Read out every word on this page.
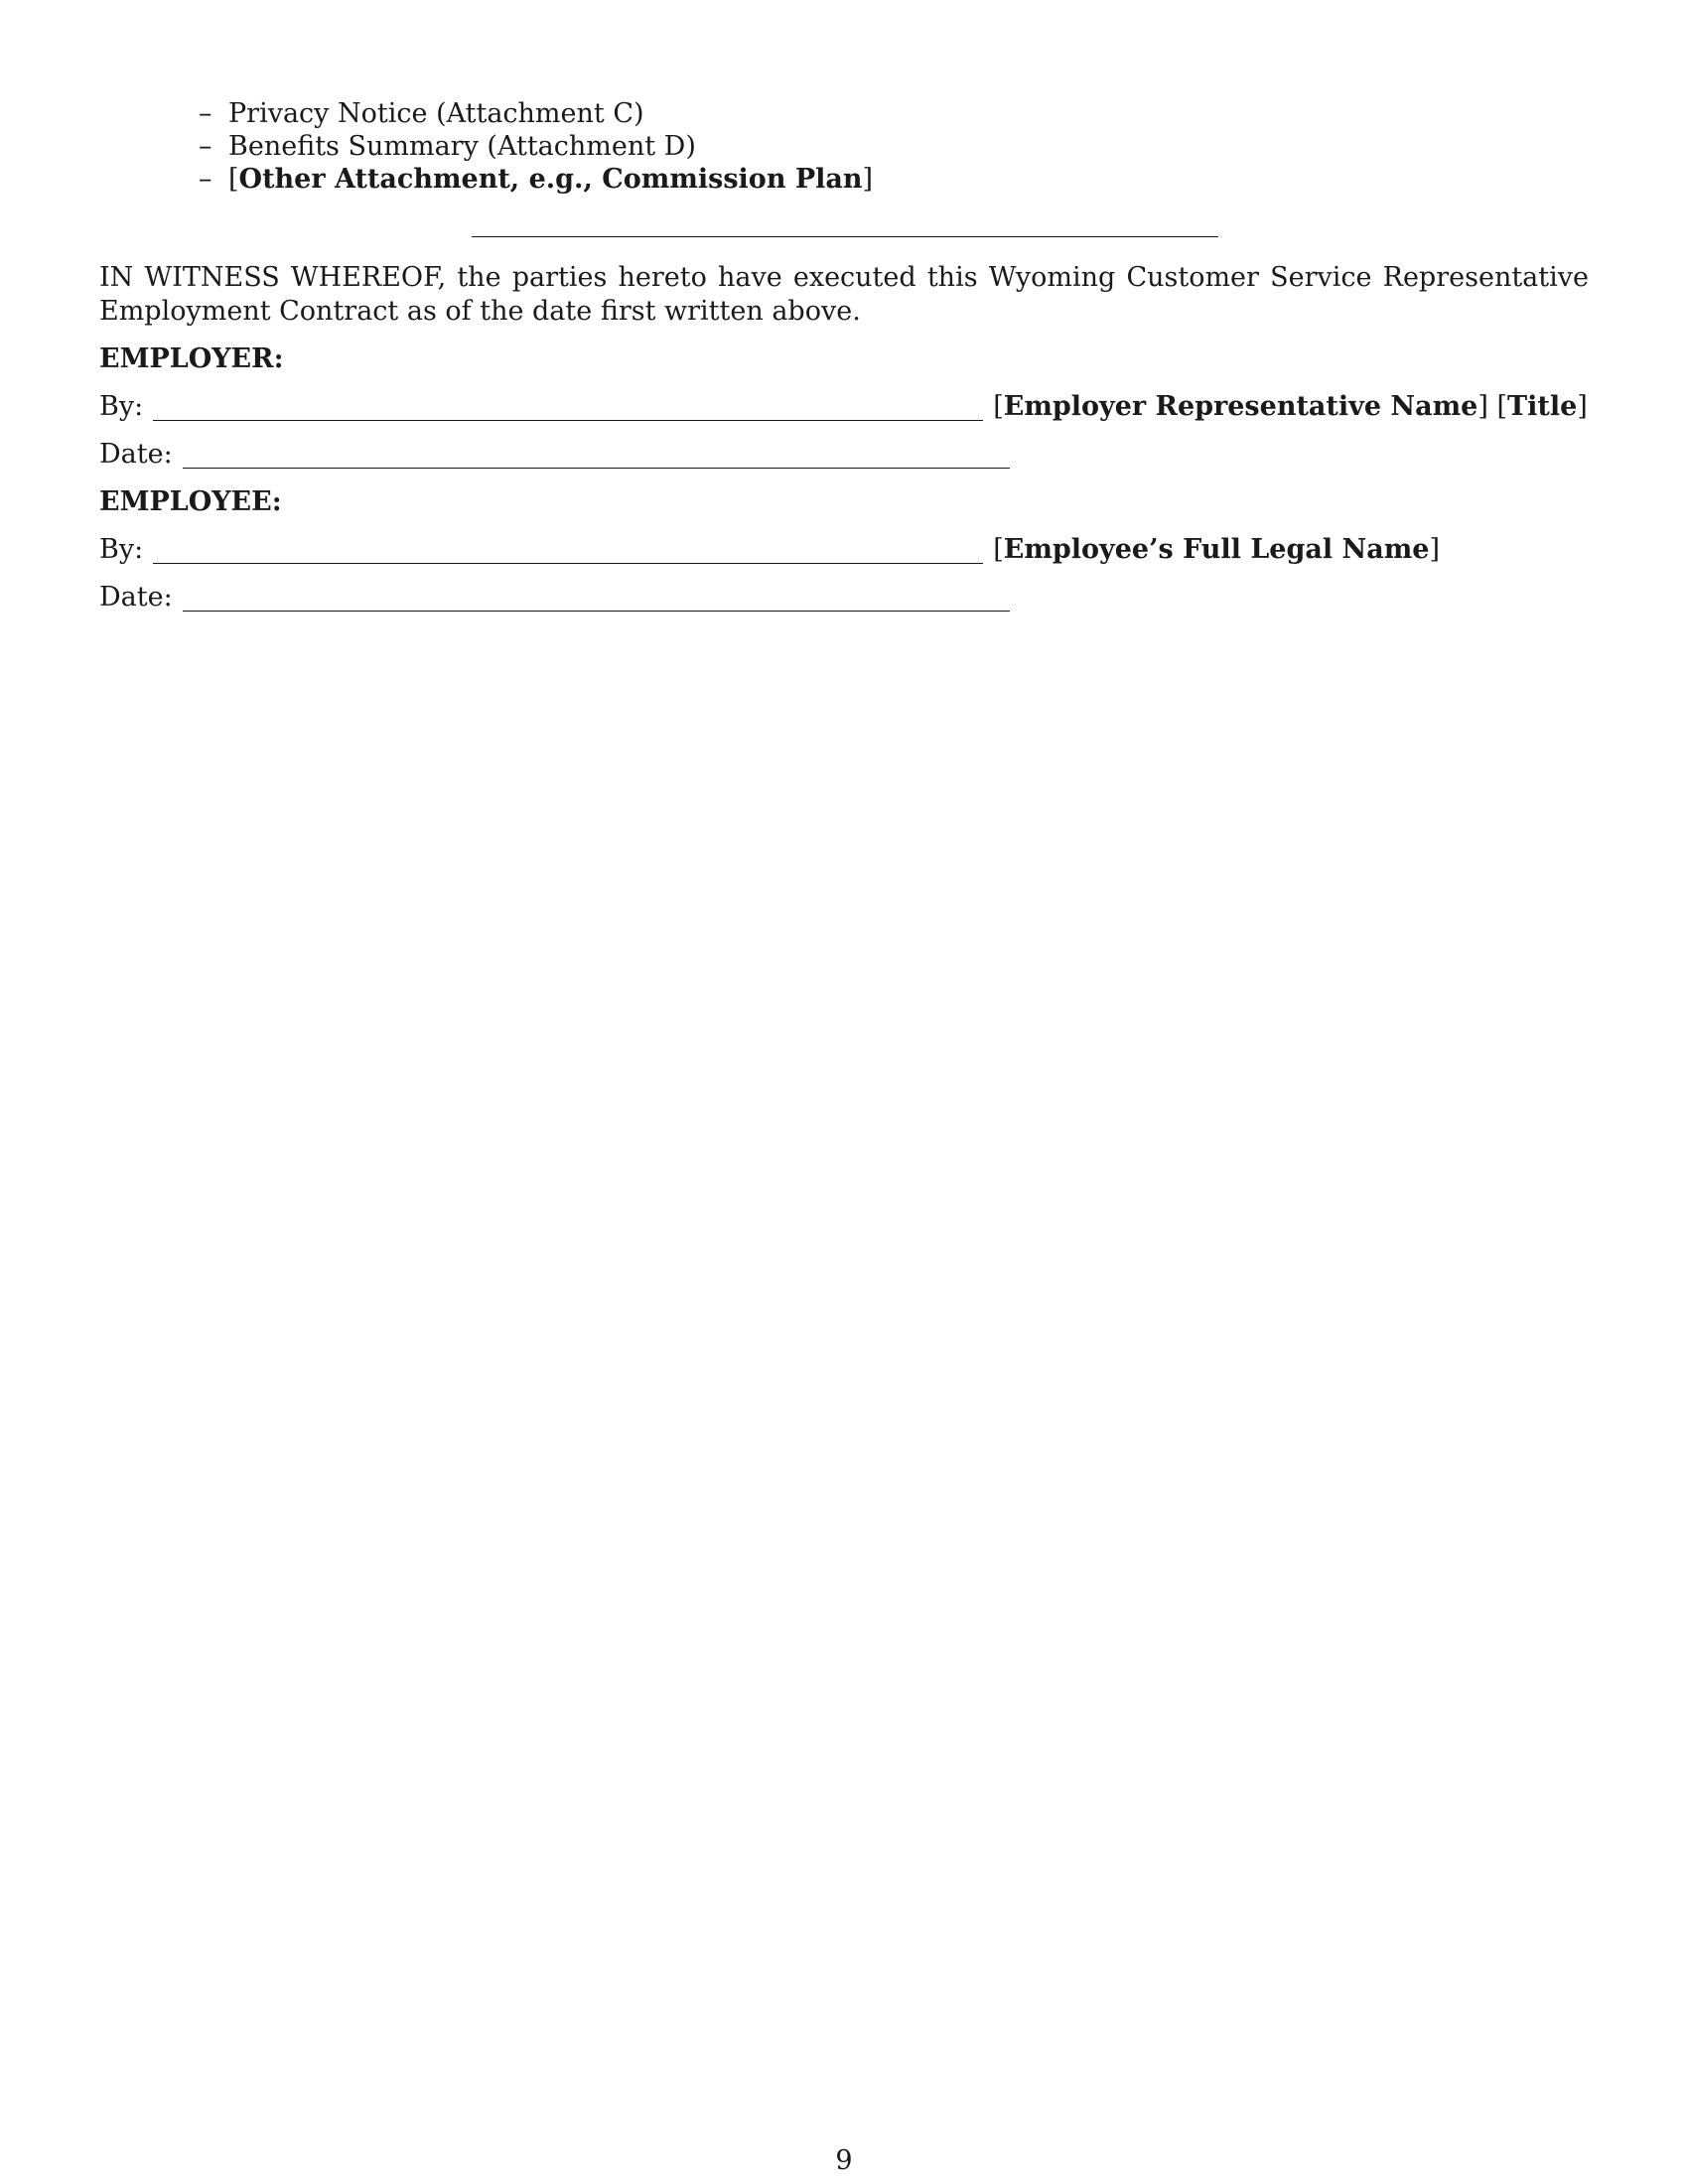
– Privacy Notice (Attachment C)
– Benefits Summary (Attachment D)
– [ Other Attachment, e.g., Commission Plan ]

IN WITNESS WHEREOF, the parties hereto have executed this Wyoming Customer Service Representative Employment Contract as of the date first written above.

EMPLOYER:
By:	[Employer Representative Name] [Title]
Date:
EMPLOYEE:
By:	[Employee’s Full Legal Name]
Date:
9
